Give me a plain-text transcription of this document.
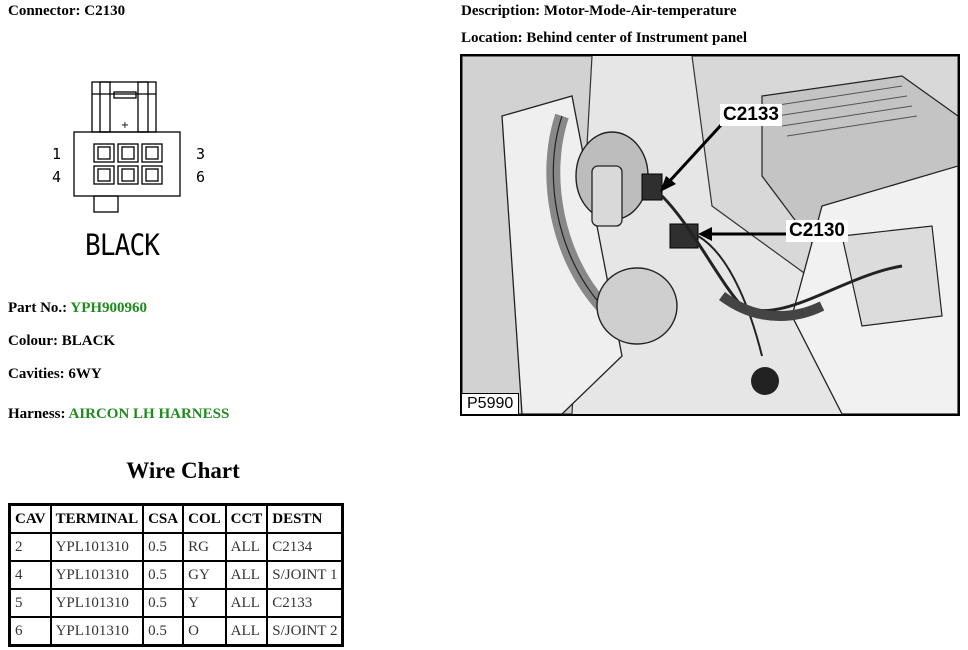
Connector: C2130	Description: Motor-Mode-Air-temperature
Location: Behind center of Instrument panel
+
1
4
3
6
BLACK
Part No.: YPH900960
Colour: BLACK
Cavities: 6WY
Harness: AIRCON LH HARNESS
C2133
C2130
P5990
Wire Chart
CAV	TERMINAL	CSA	COL	CCT	DESTN
2	YPL101310	0.5	RG	ALL	C2134
4	YPL101310	0.5	GY	ALL	S/JOINT 1
5	YPL101310	0.5	Y	ALL	C2133
6	YPL101310	0.5	O	ALL	S/JOINT 2
